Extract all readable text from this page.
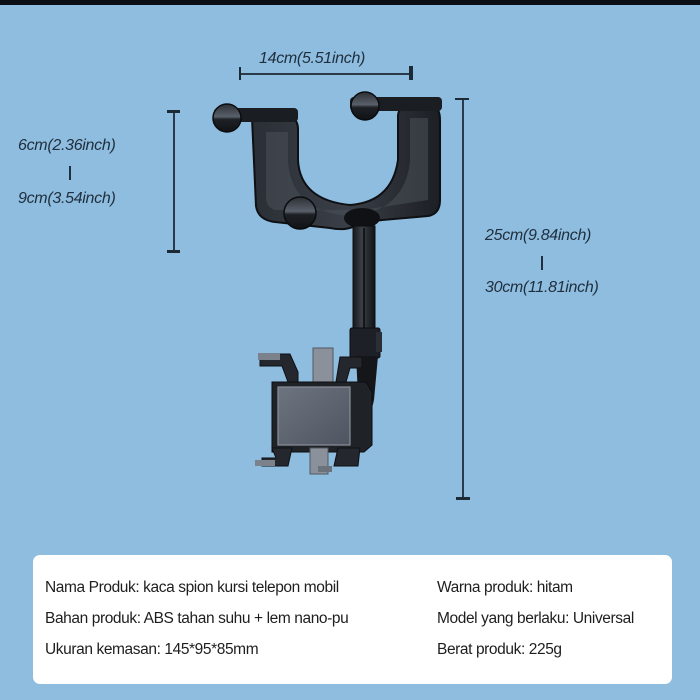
14cm(5.51inch)
6cm(2.36inch)
9cm(3.54inch)
25cm(9.84inch)
30cm(11.81inch)
Nama Produk: kaca spion kursi telepon mobil
Bahan produk: ABS tahan suhu + lem nano-pu
Ukuran kemasan: 145*95*85mm
Warna produk: hitam
Model yang berlaku: Universal
Berat produk: 225g
